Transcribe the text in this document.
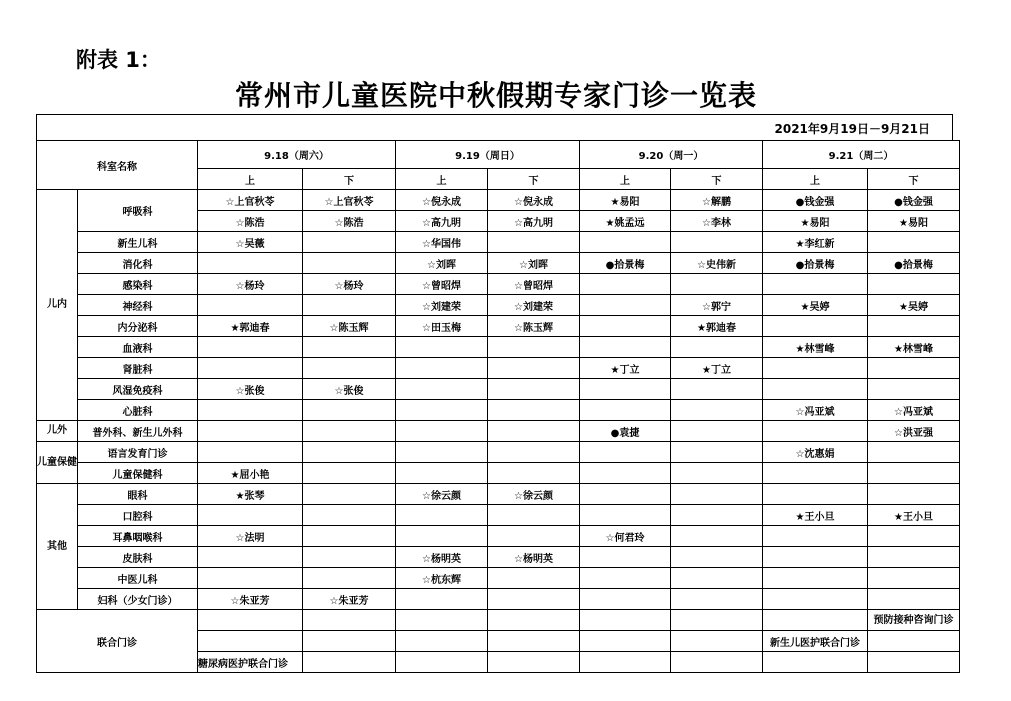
附表 1：
常州市儿童医院中秋假期专家门诊一览表
2021年9月19日－9月21日
科室名称		9.18（周六）		9.19（周日）		9.20（周一）		9.21（周二）	
		上	下	上	下	上	下	上	下
儿内	呼吸科	☆上官秋苓	☆上官秋苓	☆倪永成	☆倪永成	★易阳	☆解鹏	●钱金强	●钱金强
		☆陈浩	☆陈浩	☆高九明	☆高九明	★姚孟远	☆李林	★易阳	★易阳
	新生儿科	☆吴薇		☆华国伟				★李红新	
	消化科			☆刘晖	☆刘晖	●拾景梅	☆史伟新	●拾景梅	●拾景梅
	感染科	☆杨玲	☆杨玲	☆曾昭焊	☆曾昭焊				
	神经科			☆刘建荣	☆刘建荣		☆郭宁	★吴婷	★吴婷
	内分泌科	★郭迪春	☆陈玉辉	☆田玉梅	☆陈玉辉		★郭迪春		
	血液科							★林雪峰	★林雪峰
	肾脏科					★丁立	★丁立		
	风湿免疫科	☆张俊	☆张俊						
	心脏科							☆冯亚斌	☆冯亚斌
儿外	普外科、新生儿外科					●袁捷			☆洪亚强
儿童保健	语言发育门诊							☆沈惠娟	
	儿童保健科	★屈小艳							
其他	眼科	★张琴		☆徐云颜	☆徐云颜				
	口腔科							★王小旦	★王小旦
	耳鼻咽喉科	☆法明				☆何君玲			
	皮肤科			☆杨明英	☆杨明英				
	中医儿科			☆杭东辉					
	妇科（少女门诊）	☆朱亚芳	☆朱亚芳						
联合门诊									预防接种咨询门诊
								新生儿医护联合门诊	
		糖尿病医护联合门诊							
